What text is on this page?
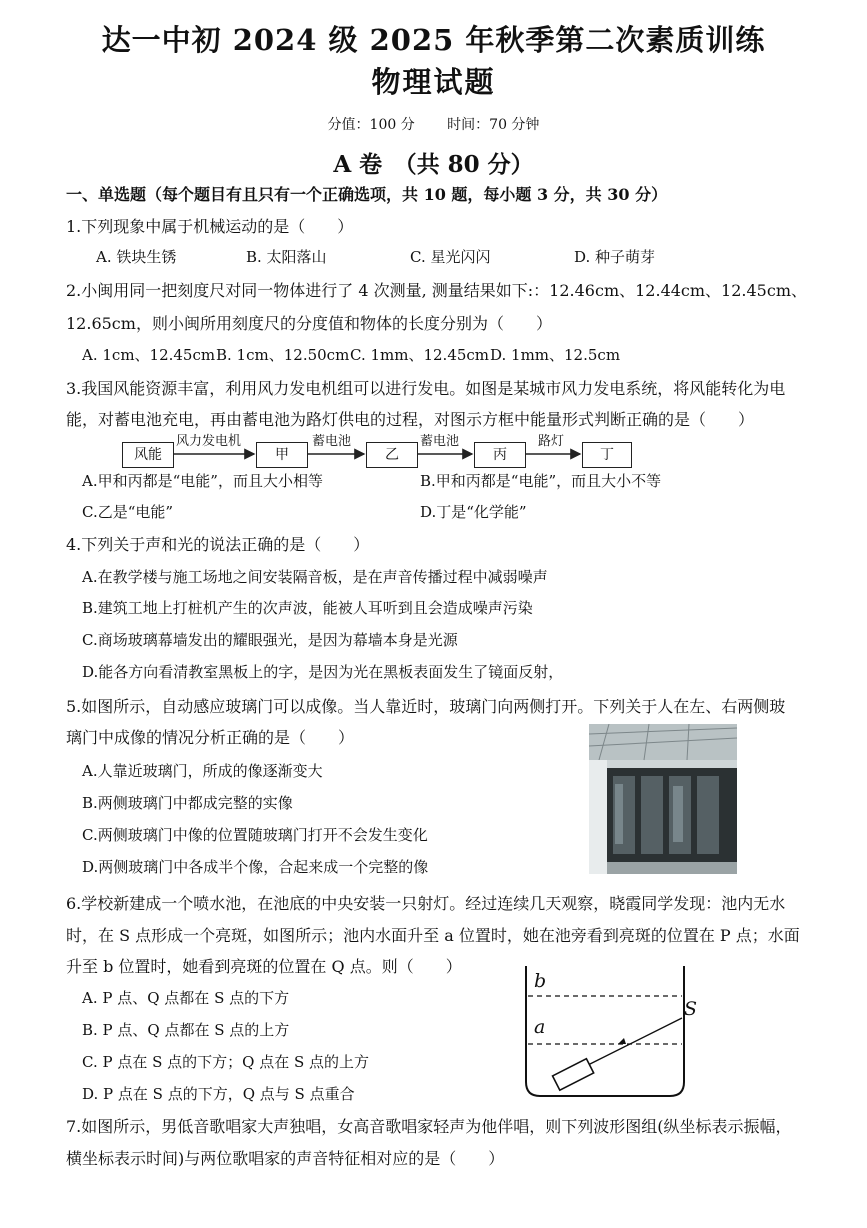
达一中初 2024 级 2025 年秋季第二次素质训练
物理试题
分值：100 分 时间：70 分钟
A 卷　（共 80 分）
一、单选题（每个题目有且只有一个正确选项，共 10 题，每小题 3 分，共 30 分）
1.下列现象中属于机械运动的是（　　）
A. 铁块生锈	B. 太阳落山	C. 星光闪闪	D. 种子萌芽
2.小闽用同一把刻度尺对同一物体进行了 4 次测量, 测量结果如下:：12.46cm、12.44cm、12.45cm、
12.65cm，则小闽所用刻度尺的分度值和物体的长度分别为（　　）
A. 1cm、12.45cm B. 1cm、12.50cm C. 1mm、12.45cm D. 1mm、12.5cm
3.我国风能资源丰富，利用风力发电机组可以进行发电。如图是某城市风力发电系统，将风能转化为电
能，对蓄电池充电，再由蓄电池为路灯供电的过程，对图示方框中能量形式判断正确的是（　　）
风能	甲	乙	丙	丁
风力发电机	蓄电池	蓄电池	路灯
A.甲和丙都是“电能”，而且大小相等	B.甲和丙都是“电能”，而且大小不等
C.乙是“电能”	D.丁是“化学能”
4.下列关于声和光的说法正确的是（　　）
A.在教学楼与施工场地之间安装隔音板，是在声音传播过程中减弱噪声
B.建筑工地上打桩机产生的次声波，能被人耳听到且会造成噪声污染
C.商场玻璃幕墙发出的耀眼强光，是因为幕墙本身是光源
D.能各方向看清教室黑板上的字，是因为光在黑板表面发生了镜面反射，
5.如图所示，自动感应玻璃门可以成像。当人靠近时，玻璃门向两侧打开。下列关于人在左、右两侧玻
璃门中成像的情况分析正确的是（　　）
A.人靠近玻璃门，所成的像逐渐变大
B.两侧玻璃门中都成完整的实像
C.两侧玻璃门中像的位置随玻璃门打开不会发生变化
D.两侧玻璃门中各成半个像，合起来成一个完整的像
6.学校新建成一个喷水池，在池底的中央安装一只射灯。经过连续几天观察，晓霞同学发现：池内无水
时，在 S 点形成一个亮斑，如图所示；池内水面升至 a 位置时，她在池旁看到亮斑的位置在 P 点；水面
升至 b 位置时，她看到亮斑的位置在 Q 点。则（　　）
A. P 点、Q 点都在 S 点的下方
B. P 点、Q 点都在 S 点的上方
C. P 点在 S 点的下方；Q 点在 S 点的上方
D. P 点在 S 点的下方，Q 点与 S 点重合
b
a
S
7.如图所示，男低音歌唱家大声独唱，女高音歌唱家轻声为他伴唱，则下列波形图组(纵坐标表示振幅，
横坐标表示时间)与两位歌唱家的声音特征相对应的是（　　）
